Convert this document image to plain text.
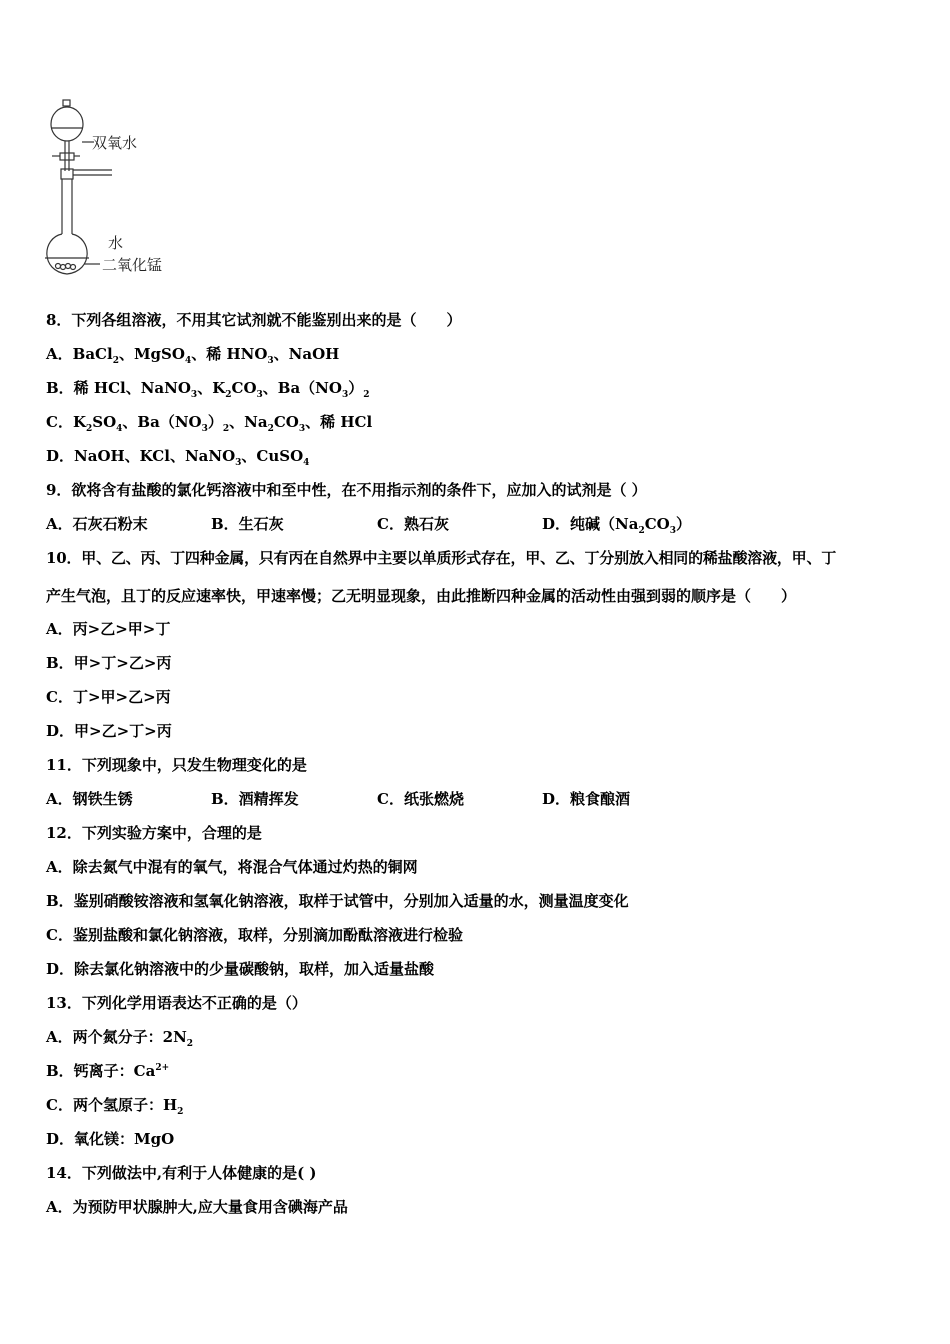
双氧水
水
二氧化锰
8．下列各组溶液，不用其它试剂就不能鉴别出来的是（　　）
A．BaCl$_2$、MgSO$_4$、稀 $HNO_3$、NaOH
B．稀 HCl、NaNO$_3$、$K_2CO_3$、$Ba(NO_3)_2$
C．$K_2SO_4$、$Ba(NO_3)_2$、$Na_2CO_3$、稀 HCl
D．NaOH、KCl、NaNO$_3$、CuSO$_4$
9．欲将含有盐酸的氯化钙溶液中和至中性，在不用指示剂的条件下，应加入的试剂是（ ）
A．石灰石粉末	B．生石灰	C．熟石灰	D．纯碱$(Na_2CO_3)$
10．甲、乙、丙、丁四种金属，只有丙在自然界中主要以单质形式存在，甲、乙、丁分别放入相同的稀盐酸溶液，甲、丁
产生气泡，且丁的反应速率快，甲速率慢；乙无明显现象，由此推断四种金属的活动性由强到弱的顺序是（　　）
A．丙>乙>甲>丁
B．甲>丁>乙>丙
C．丁>甲>乙>丙
D．甲>乙>丁>丙
11．下列现象中，只发生物理变化的是
A．钢铁生锈	B．酒精挥发	C．纸张燃烧	D．粮食酿酒
12．下列实验方案中，合理的是
A．除去氮气中混有的氧气，将混合气体通过灼热的铜网
B．鉴别硝酸铵溶液和氢氧化钠溶液，取样于试管中，分别加入适量的水，测量温度变化
C．鉴别盐酸和氯化钠溶液，取样，分别滴加酚酞溶液进行检验
D．除去氯化钠溶液中的少量碳酸钠，取样，加入适量盐酸
13．下列化学用语表达不正确的是（）
A．两个氮分子：$2N_2$
B．钙离子：$Ca^{2+}$
C．两个氢原子：$H_2$
D．氧化镁：MgO
14．下列做法中,有利于人体健康的是( )
A．为预防甲状腺肿大,应大量食用含碘海产品
